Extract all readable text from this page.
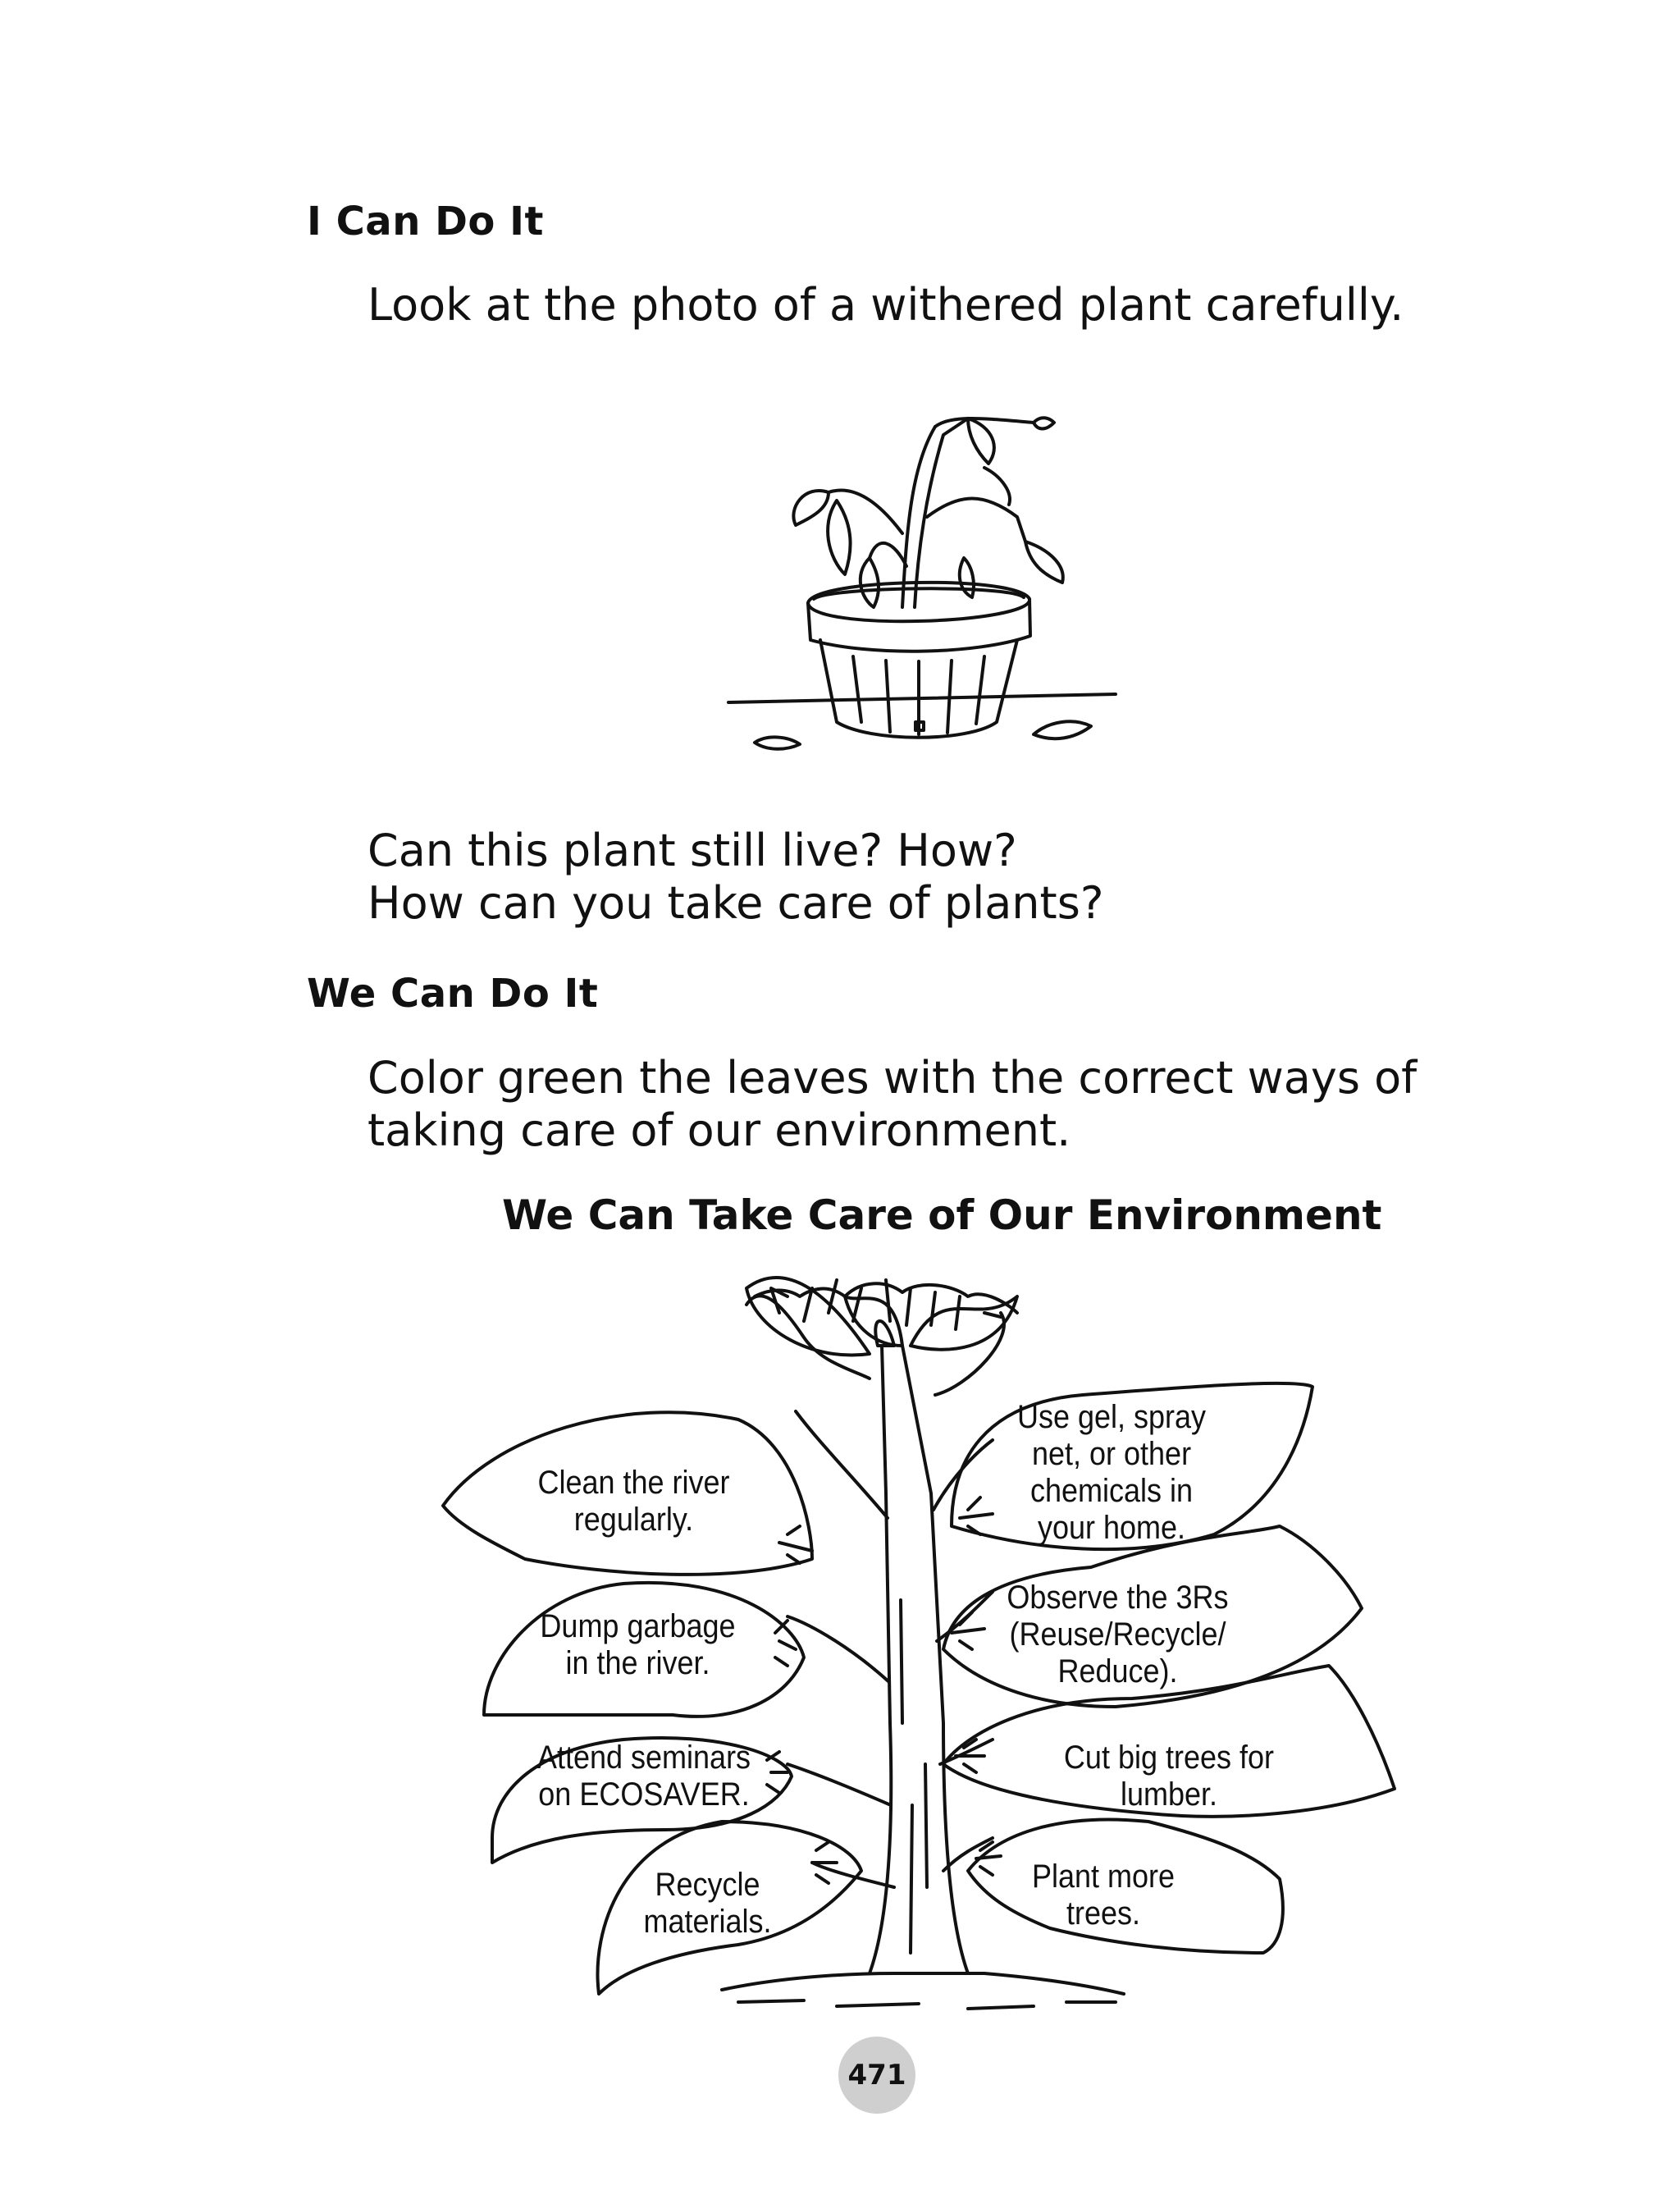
I Can Do It
Look at the photo of a withered plant carefully.
Can this plant still live? How?
How can you take care of plants?
We Can Do It
Color green the leaves with the correct ways of
taking care of our environment.
We Can Take Care of Our Environment
Clean the river
regularly.
Dump garbage
in the river.
Attend seminars
on ECOSAVER.
Recycle
materials.
Use gel, spray
net, or other
chemicals in
your home.
Observe the 3Rs
(Reuse/Recycle/
Reduce).
Cut big trees for
lumber.
Plant more
trees.
471
